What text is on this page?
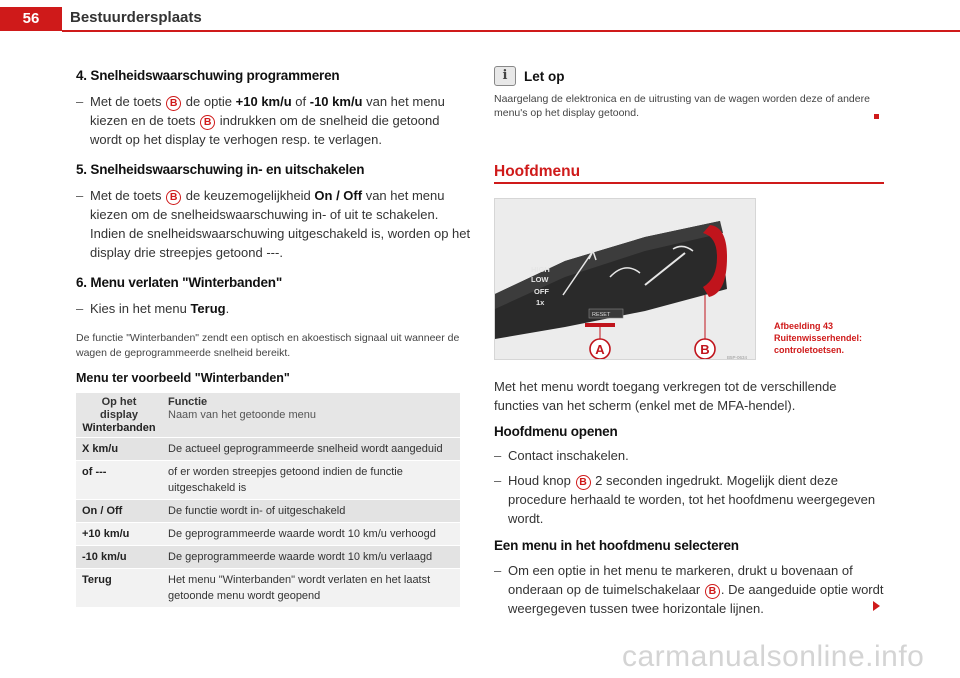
56	Bestuurdersplaats
4. Snelheidswaarschuwing programmeren
– Met de toets B de optie +10 km/u of -10 km/u van het menu kiezen en de toets B indrukken om de snelheid die getoond wordt op het display te verhogen resp. te verlagen.
5. Snelheidswaarschuwing in- en uitschakelen
– Met de toets B de keuzemogelijkheid On / Off van het menu kiezen om de snelheidswaarschuwing in- of uit te schakelen. Indien de snelheidswaarschuwing uitgeschakeld is, worden op het display drie streepjes getoond ---.
6. Menu verlaten "Winterbanden"
– Kies in het menu Terug.

De functie "Winterbanden" zendt een optisch en akoestisch signaal uit wanneer de wagen de geprogrammeerde snelheid bereikt.

Menu ter voorbeeld "Winterbanden"
Op het display
Winterbanden	Functie
Naam van het getoonde menu

X km/u	De actueel geprogrammeerde snelheid wordt aangeduid
of ---	of er worden streepjes getoond indien de functie uitgeschakeld is
On / Off	De functie wordt in- of uitgeschakeld
+10 km/u	De geprogrammeerde waarde wordt 10 km/u verhoogd
-10 km/u	De geprogrammeerde waarde wordt 10 km/u verlaagd
Terug	Het menu "Winterbanden" wordt verlaten en het laatst getoonde menu wordt geopend
i	Let op

Naargelang de elektronica en de uitrusting van de wagen worden deze of andere menu's op het display getoond.

Hoofdmenu
HIGH
LOW
OFF
1x
RESET
A	B
B5P-0634
Afbeelding 43 Ruitenwisserhendel: controletoetsen.

Met het menu wordt toegang verkregen tot de verschillende functies van het scherm (enkel met de MFA-hendel).

Hoofdmenu openen
– Contact inschakelen.
– Houd knop B 2 seconden ingedrukt. Mogelijk dient deze procedure herhaald te worden, tot het hoofdmenu weergegeven wordt.
Een menu in het hoofdmenu selecteren
– Om een optie in het menu te markeren, drukt u bovenaan of onderaan op de tuimelschakelaar B . De aangeduide optie wordt weergegeven tussen twee horizontale lijnen.
carmanualsonline.info
